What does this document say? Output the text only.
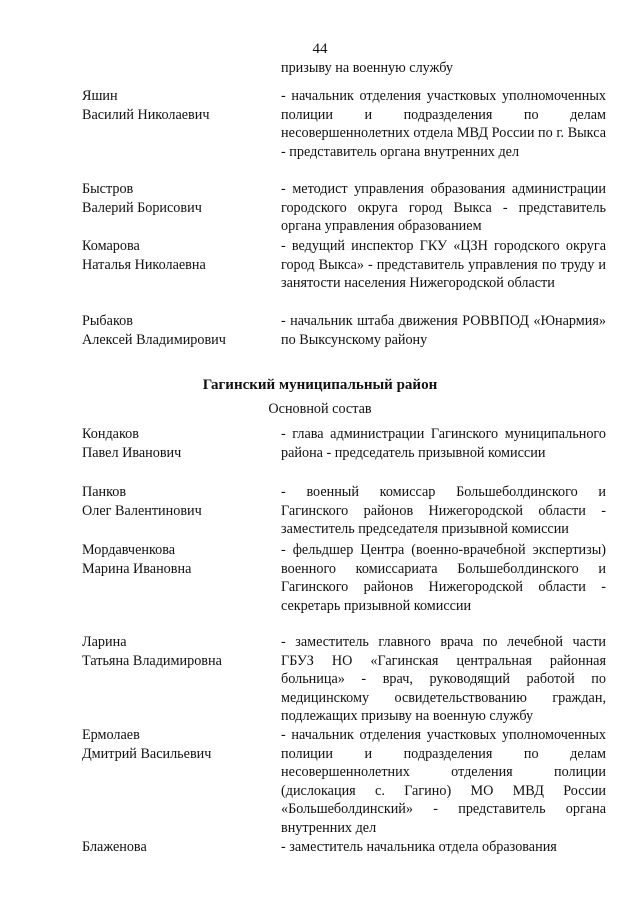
44
призыву на военную службу
Яшин
Василий Николаевич
- начальник отделения участковых уполномоченных полиции и подразделения по делам несовершеннолетних отдела МВД России по г. Выкса - представитель органа внутренних дел
Быстров
Валерий Борисович
- методист управления образования администрации городского округа город Выкса - представитель органа управления образованием
Комарова
Наталья Николаевна
- ведущий инспектор ГКУ «ЦЗН городского округа город Выкса» - представитель управления по труду и занятости населения Нижегородской области
Рыбаков
Алексей Владимирович
- начальник штаба движения РОВВПОД «Юнармия» по Выксунскому району
Гагинский муниципальный район
Основной состав
Кондаков
Павел Иванович
- глава администрации Гагинского муниципального района - председатель призывной комиссии
Панков
Олег Валентинович
- военный комиссар Большеболдинского и Гагинского районов Нижегородской области - заместитель председателя призывной комиссии
Мордавченкова
Марина Ивановна
- фельдшер Центра (военно-врачебной экспертизы) военного комиссариата Большеболдинского и Гагинского районов Нижегородской области - секретарь призывной комиссии
Ларина
Татьяна Владимировна
- заместитель главного врача по лечебной части ГБУЗ НО «Гагинская центральная районная больница» - врач, руководящий работой по медицинскому освидетельствованию граждан, подлежащих призыву на военную службу
Ермолаев
Дмитрий Васильевич
- начальник отделения участковых уполномоченных полиции и подразделения по делам несовершеннолетних отделения полиции (дислокация с. Гагино) МО МВД России «Большеболдинский» - представитель органа внутренних дел
Блаженова	- заместитель начальника отдела образования
